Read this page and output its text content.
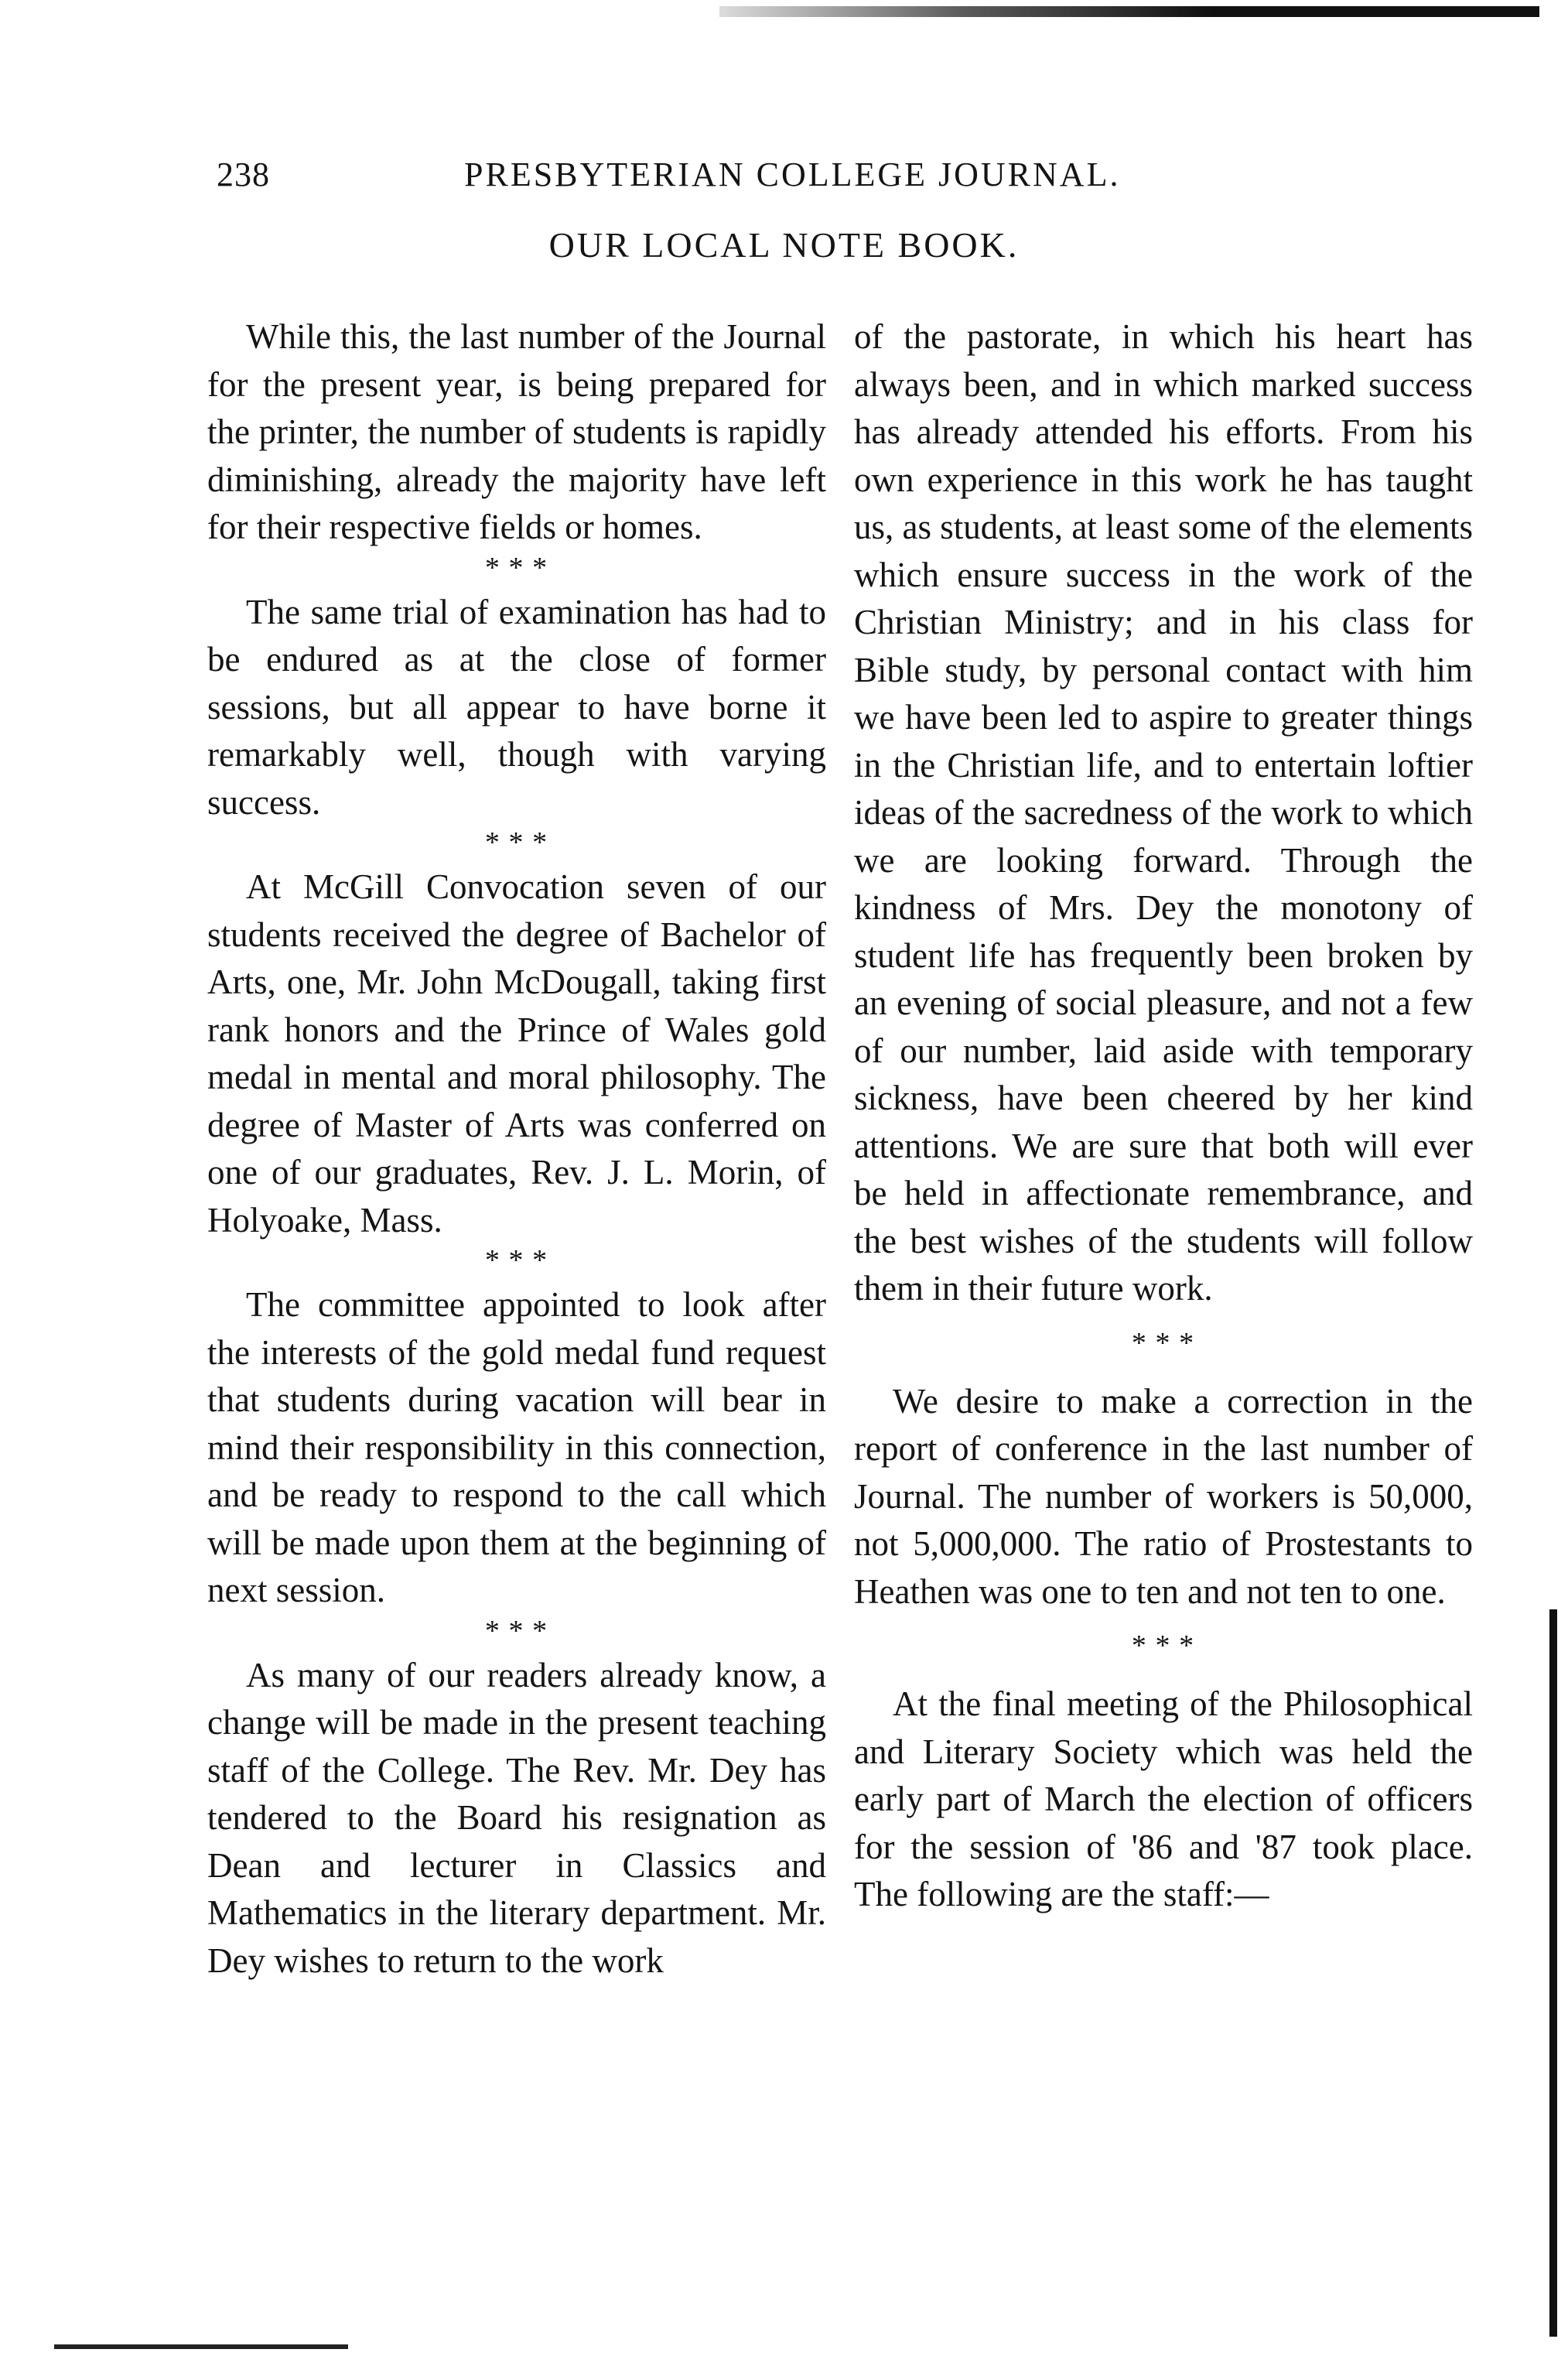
238	PRESBYTERIAN COLLEGE JOURNAL.
OUR LOCAL NOTE BOOK.

While this, the last number of the Journal for the present year, is being prepared for the printer, the number of students is rapidly diminishing, already the majority have left for their respective fields or homes.

* * *

The same trial of examination has had to be endured as at the close of former sessions, but all appear to have borne it remarkably well, though with varying success.

* * *

At McGill Convocation seven of our students received the degree of Bachelor of Arts, one, Mr. John McDougall, taking first rank honors and the Prince of Wales gold medal in mental and moral philosophy. The degree of Master of Arts was conferred on one of our graduates, Rev. J. L. Morin, of Holyoake, Mass.

* * *

The committee appointed to look after the interests of the gold medal fund request that students during vacation will bear in mind their responsibility in this connection, and be ready to respond to the call which will be made upon them at the beginning of next session.

* * *

As many of our readers already know, a change will be made in the present teaching staff of the College. The Rev. Mr. Dey has tendered to the Board his resignation as Dean and lecturer in Classics and Mathematics in the literary department. Mr. Dey wishes to return to the work

of the pastorate, in which his heart has always been, and in which marked success has already attended his efforts. From his own experience in this work he has taught us, as students, at least some of the elements which ensure success in the work of the Christian Ministry; and in his class for Bible study, by personal contact with him we have been led to aspire to greater things in the Christian life, and to entertain loftier ideas of the sacredness of the work to which we are looking forward. Through the kindness of Mrs. Dey the monotony of student life has frequently been broken by an evening of social pleasure, and not a few of our number, laid aside with temporary sickness, have been cheered by her kind attentions. We are sure that both will ever be held in affectionate remembrance, and the best wishes of the students will follow them in their future work.

* * *

We desire to make a correction in the report of conference in the last number of Journal. The number of workers is 50,000, not 5,000,000. The ratio of Prostestants to Heathen was one to ten and not ten to one.

* * *

At the final meeting of the Philosophical and Literary Society which was held the early part of March the election of officers for the session of '86 and '87 took place. The following are the staff:—
